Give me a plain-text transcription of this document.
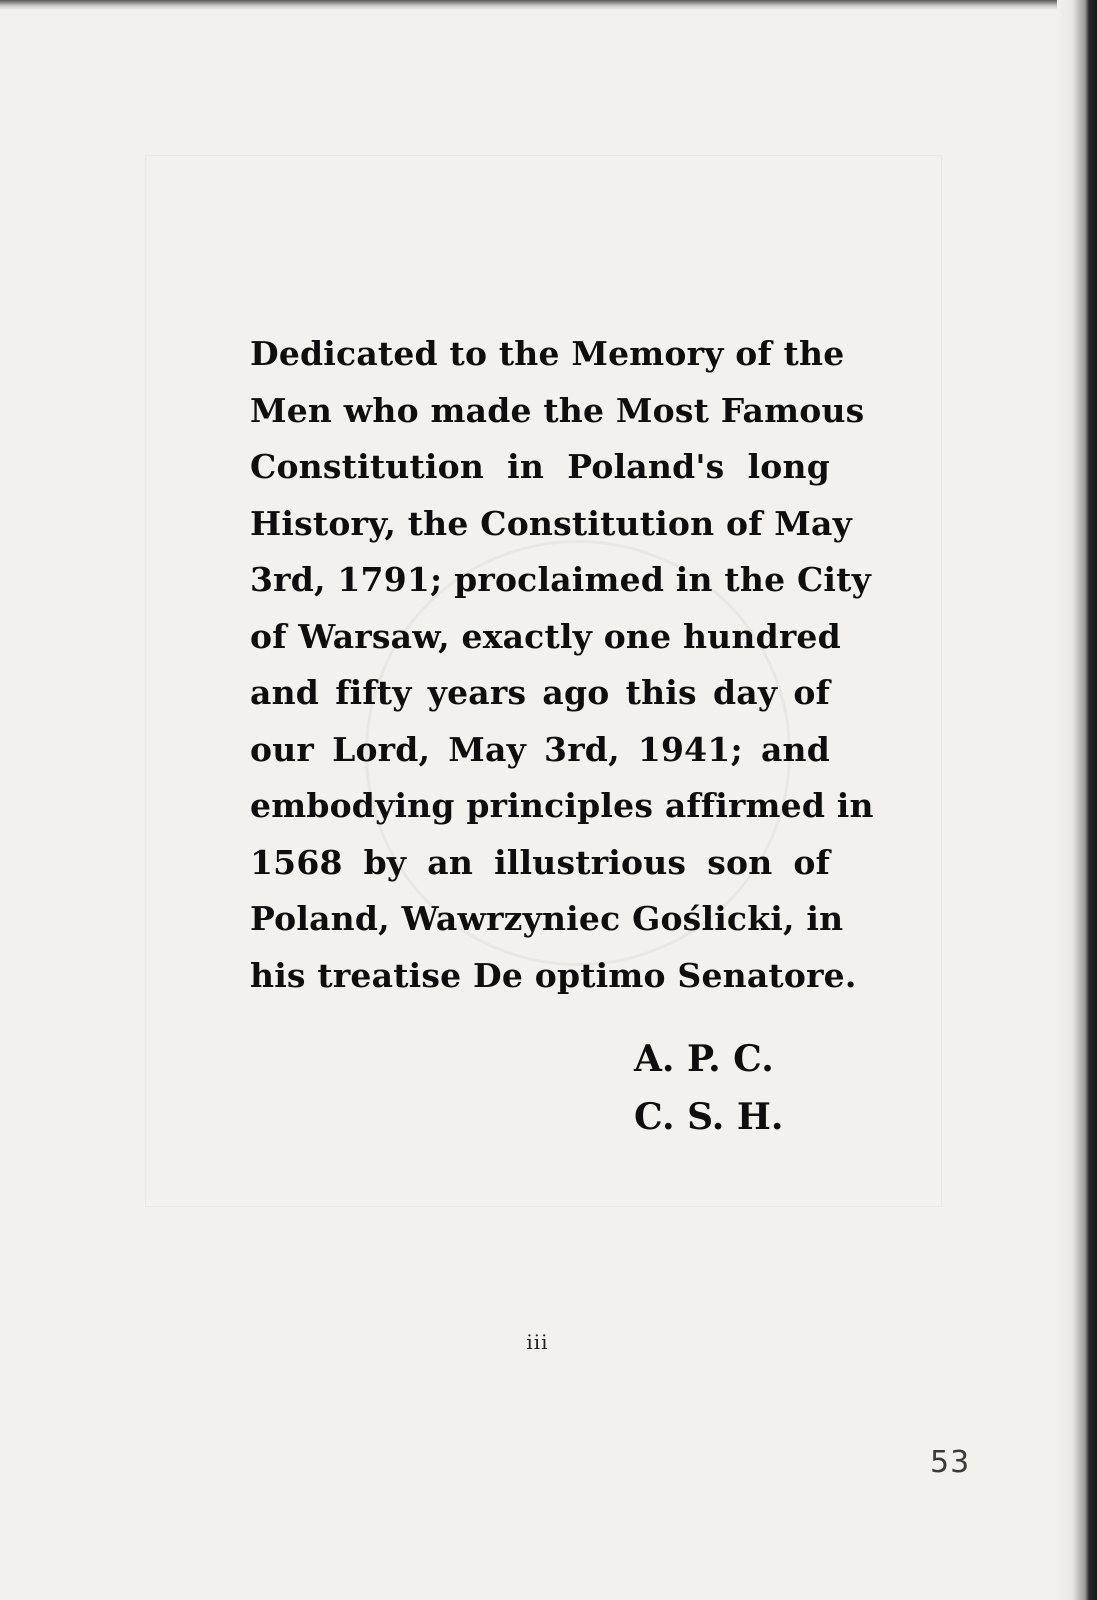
Dedicated to the Memory of the
Men who made the Most Famous
Constitution in Poland's long
History, the Constitution of May
3rd, 1791; proclaimed in the City
of Warsaw, exactly one hundred
and fifty years ago this day of
our Lord, May 3rd, 1941; and
embodying principles affirmed in
1568 by an illustrious son of
Poland, Wawrzyniec Goślicki, in
his treatise De optimo Senatore.
A. P. C.
C. S. H.
iii
53
